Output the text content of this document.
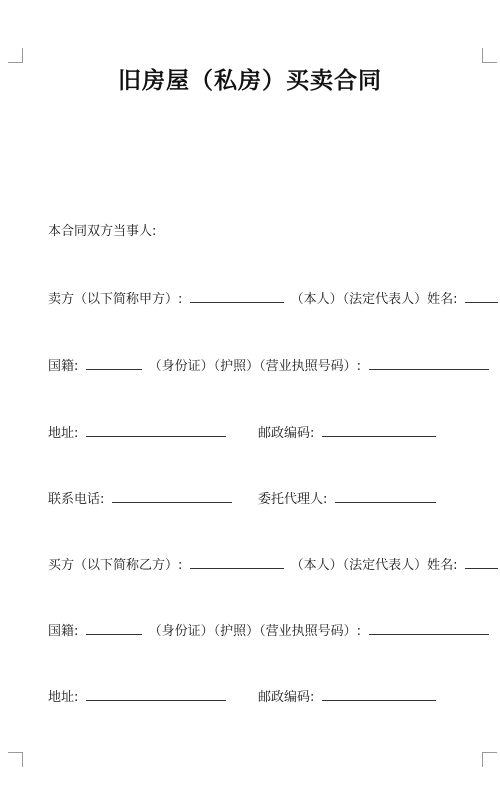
旧房屋（私房）买卖合同
本合同双方当事人:
卖方（以下简称甲方）:	（本人）（法定代表人）姓名:
国籍:	（身份证）（护照）（营业执照号码）:
地址:	邮政编码:
联系电话:	委托代理人:
买方（以下简称乙方）:	（本人）（法定代表人）姓名:
国籍:	（身份证）（护照）（营业执照号码）:
地址:	邮政编码:
